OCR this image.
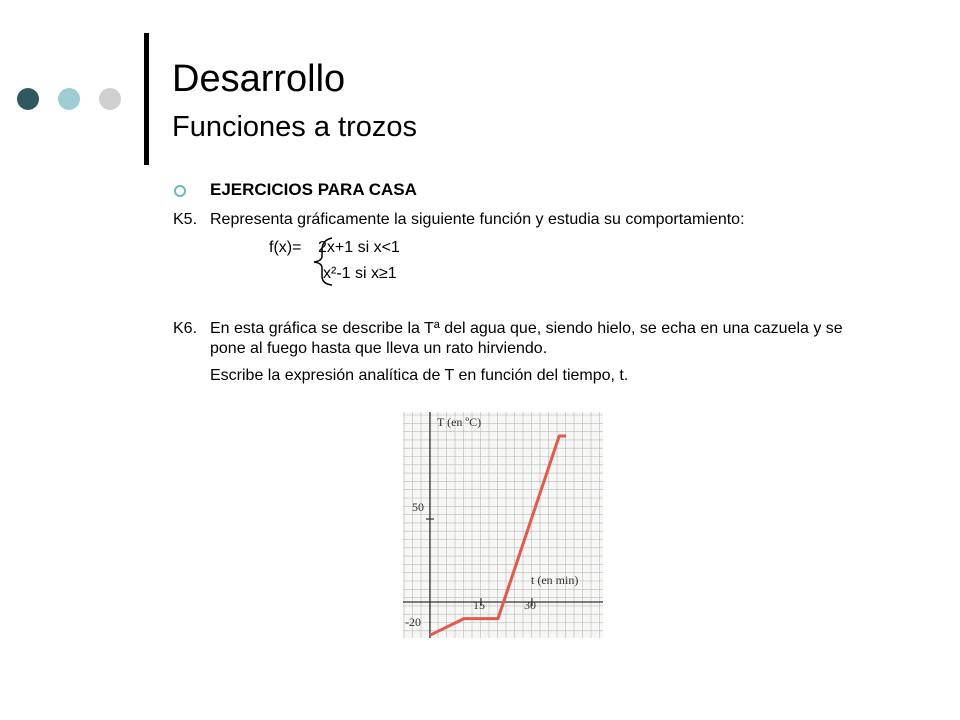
Desarrollo
Funciones a trozos
EJERCICIOS PARA CASA
K5. Representa gráficamente la siguiente función y estudia su comportamiento:
f(x)= 2x+1 si x<1
x²-1 si x≥1
K6. En esta gráfica se describe la Tª del agua que, siendo hielo, se echa en una cazuela y se pone al fuego hasta que lleva un rato hirviendo.
Escribe la expresión analítica de T en función del tiempo, t.
T (en ºC)
t (en min)
15	30
50
-20
